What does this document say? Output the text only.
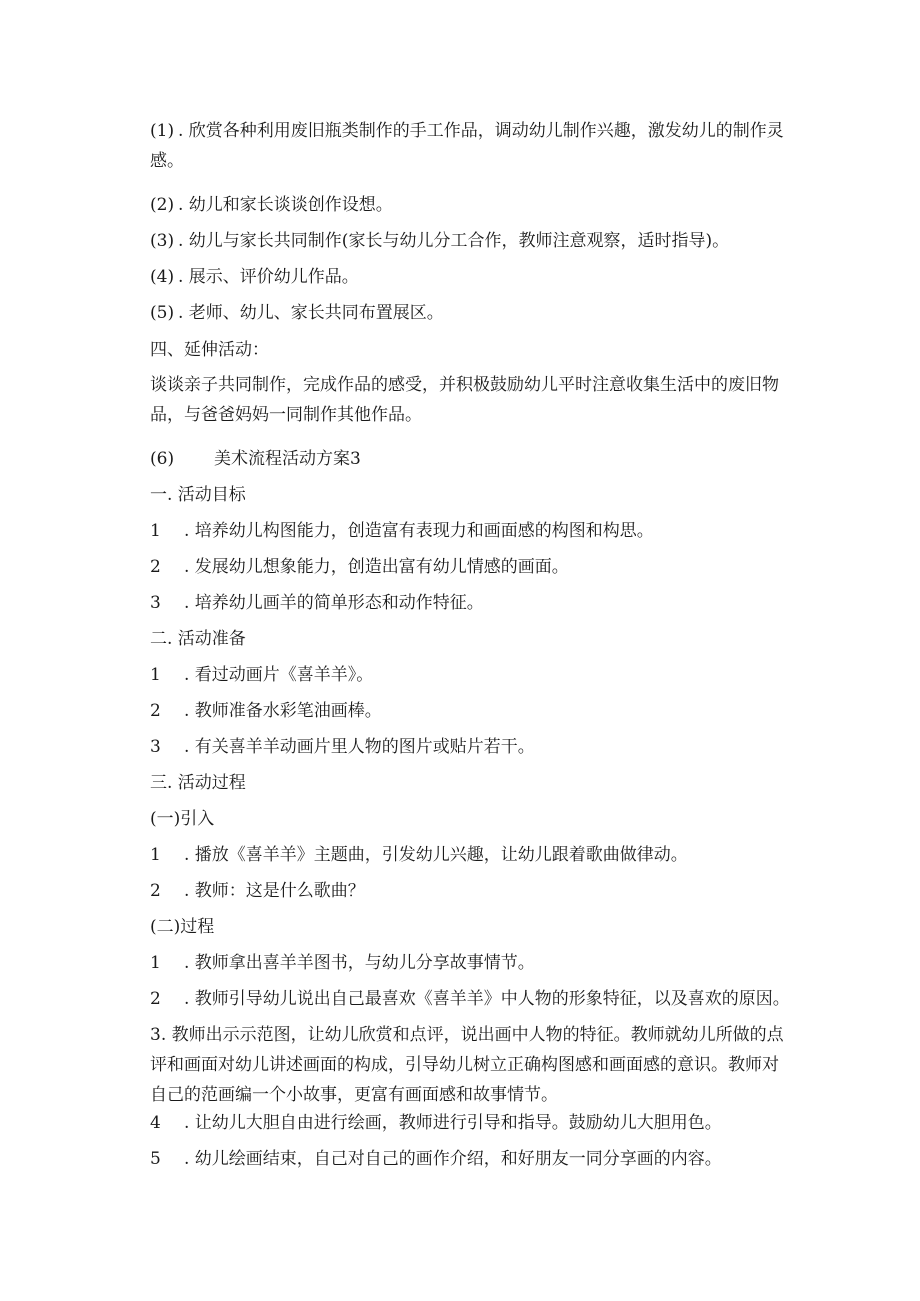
(1) . 欣赏各种利用废旧瓶类制作的手工作品，调动幼儿制作兴趣，激发幼儿的制作灵感。
(2) . 幼儿和家长谈谈创作设想。
(3) . 幼儿与家长共同制作(家长与幼儿分工合作，教师注意观察，适时指导)。
(4) . 展示、评价幼儿作品。
(5) . 老师、幼儿、家长共同布置展区。
四、延伸活动：
谈谈亲子共同制作，完成作品的感受，并积极鼓励幼儿平时注意收集生活中的废旧物品，与爸爸妈妈一同制作其他作品。
(6) 美术流程活动方案3
一. 活动目标
1 . 培养幼儿构图能力，创造富有表现力和画面感的构图和构思。
2 . 发展幼儿想象能力，创造出富有幼儿情感的画面。
3 . 培养幼儿画羊的简单形态和动作特征。
二. 活动准备
1 . 看过动画片《喜羊羊》。
2 . 教师准备水彩笔油画棒。
3 . 有关喜羊羊动画片里人物的图片或贴片若干。
三. 活动过程
(一)引入
1 . 播放《喜羊羊》主题曲，引发幼儿兴趣，让幼儿跟着歌曲做律动。
2 . 教师：这是什么歌曲？
(二)过程
1 . 教师拿出喜羊羊图书，与幼儿分享故事情节。
2 . 教师引导幼儿说出自己最喜欢《喜羊羊》中人物的形象特征，以及喜欢的原因。
3. 教师出示示范图，让幼儿欣赏和点评，说出画中人物的特征。教师就幼儿所做的点评和画面对幼儿讲述画面的构成，引导幼儿树立正确构图感和画面感的意识。教师对自己的范画编一个小故事，更富有画面感和故事情节。
4 . 让幼儿大胆自由进行绘画，教师进行引导和指导。鼓励幼儿大胆用色。
5 . 幼儿绘画结束，自己对自己的画作介绍，和好朋友一同分享画的内容。
